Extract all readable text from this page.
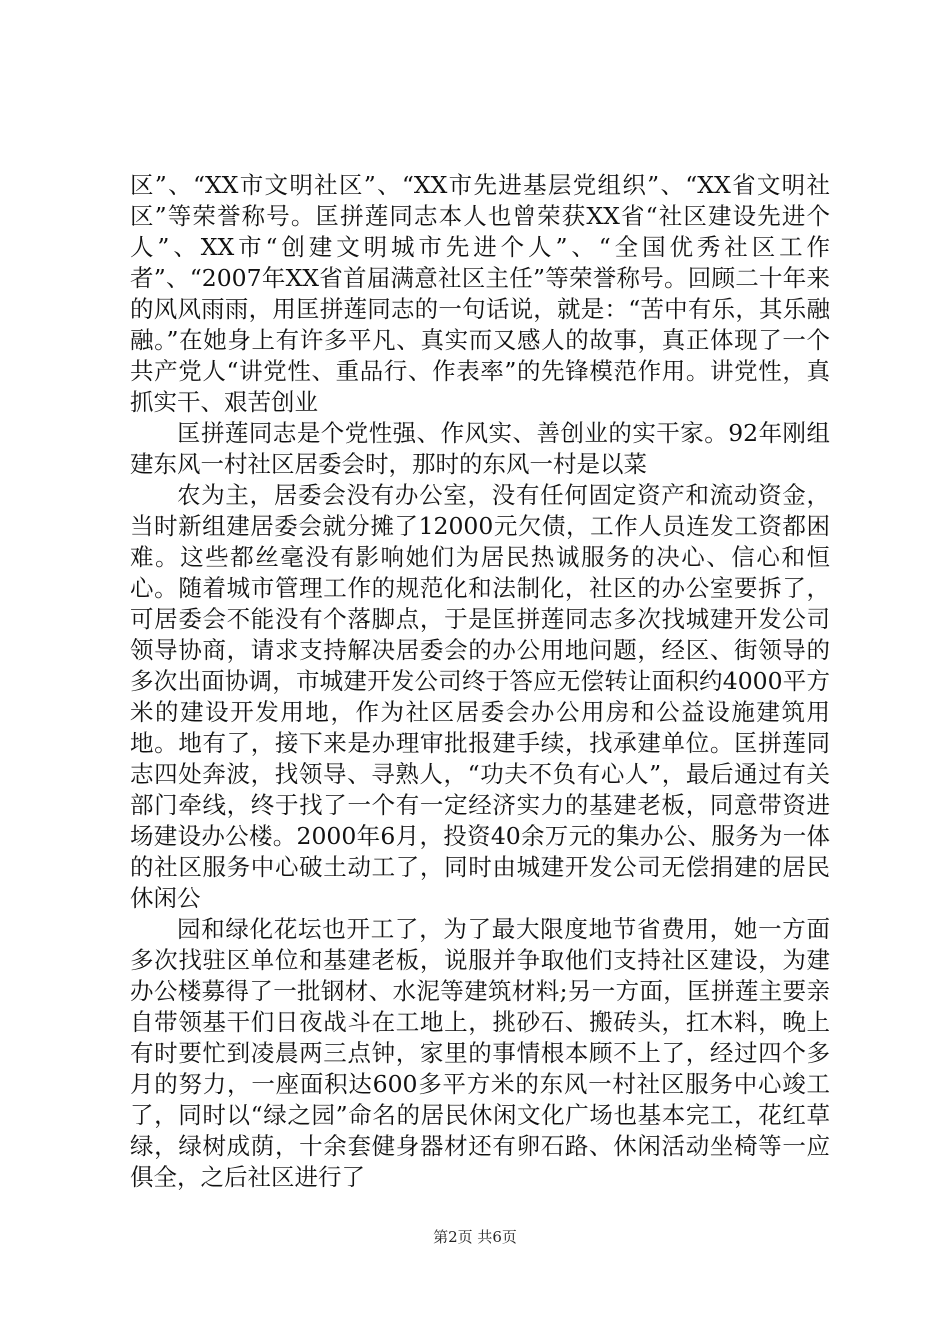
区”、“XX市文明社区”、“XX市先进基层党组织”、“XX省文明社区”等荣誉称号。匡拼莲同志本人也曾荣获XX省“社区建设先进个人”、XX市“创建文明城市先进个人”、“全国优秀社区工作者”、“2007年XX省首届满意社区主任”等荣誉称号。回顾二十年来的风风雨雨，用匡拼莲同志的一句话说，就是：“苦中有乐，其乐融融。”在她身上有许多平凡、真实而又感人的故事，真正体现了一个共产党人“讲党性、重品行、作表率”的先锋模范作用。讲党性，真抓实干、艰苦创业

匡拼莲同志是个党性强、作风实、善创业的实干家。92年刚组建东风一村社区居委会时，那时的东风一村是以菜

农为主，居委会没有办公室，没有任何固定资产和流动资金，当时新组建居委会就分摊了12000元欠债，工作人员连发工资都困难。这些都丝毫没有影响她们为居民热诚服务的决心、信心和恒心。随着城市管理工作的规范化和法制化，社区的办公室要拆了，可居委会不能没有个落脚点，于是匡拼莲同志多次找城建开发公司领导协商，请求支持解决居委会的办公用地问题，经区、街领导的多次出面协调，市城建开发公司终于答应无偿转让面积约4000平方米的建设开发用地，作为社区居委会办公用房和公益设施建筑用地。地有了，接下来是办理审批报建手续，找承建单位。匡拼莲同志四处奔波，找领导、寻熟人，“功夫不负有心人”，最后通过有关部门牵线，终于找了一个有一定经济实力的基建老板，同意带资进场建设办公楼。2000年6月，投资40余万元的集办公、服务为一体的社区服务中心破土动工了，同时由城建开发公司无偿捐建的居民休闲公

园和绿化花坛也开工了，为了最大限度地节省费用，她一方面多次找驻区单位和基建老板，说服并争取他们支持社区建设，为建办公楼募得了一批钢材、水泥等建筑材料;另一方面，匡拼莲主要亲自带领基干们日夜战斗在工地上，挑砂石、搬砖头，扛木料，晚上有时要忙到凌晨两三点钟，家里的事情根本顾不上了，经过四个多月的努力，一座面积达600多平方米的东风一村社区服务中心竣工了，同时以“绿之园”命名的居民休闲文化广场也基本完工，花红草绿，绿树成荫，十余套健身器材还有卵石路、休闲活动坐椅等一应俱全，之后社区进行了

第2页 共6页
